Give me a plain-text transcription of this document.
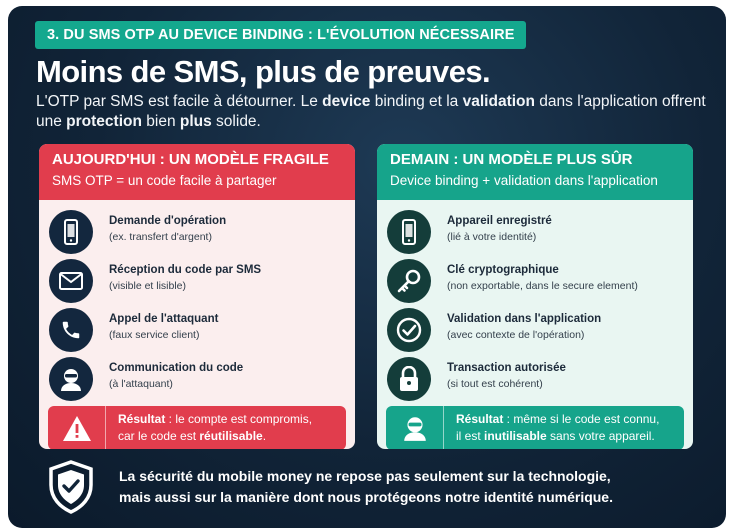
3. DU SMS OTP AU DEVICE BINDING : L'ÉVOLUTION NÉCESSAIRE
Moins de SMS, plus de preuves.
L'OTP par SMS est facile à détourner. Le device binding et la validation dans l'application offrent une protection bien plus solide.
AUJOURD'HUI : UN MODÈLE FRAGILE
SMS OTP = un code facile à partager
Demande d'opération
(ex. transfert d'argent)
Réception du code par SMS
(visible et lisible)
Appel de l'attaquant
(faux service client)
Communication du code
(à l'attaquant)
Résultat : le compte est compromis,
car le code est réutilisable.
DEMAIN : UN MODÈLE PLUS SÛR
Device binding + validation dans l'application
Appareil enregistré
(lié à votre identité)
Clé cryptographique
(non exportable, dans le secure element)
Validation dans l'application
(avec contexte de l'opération)
Transaction autorisée
(si tout est cohérent)
Résultat : même si le code est connu,
il est inutilisable sans votre appareil.
La sécurité du mobile money ne repose pas seulement sur la technologie,
mais aussi sur la manière dont nous protégeons notre identité numérique.
